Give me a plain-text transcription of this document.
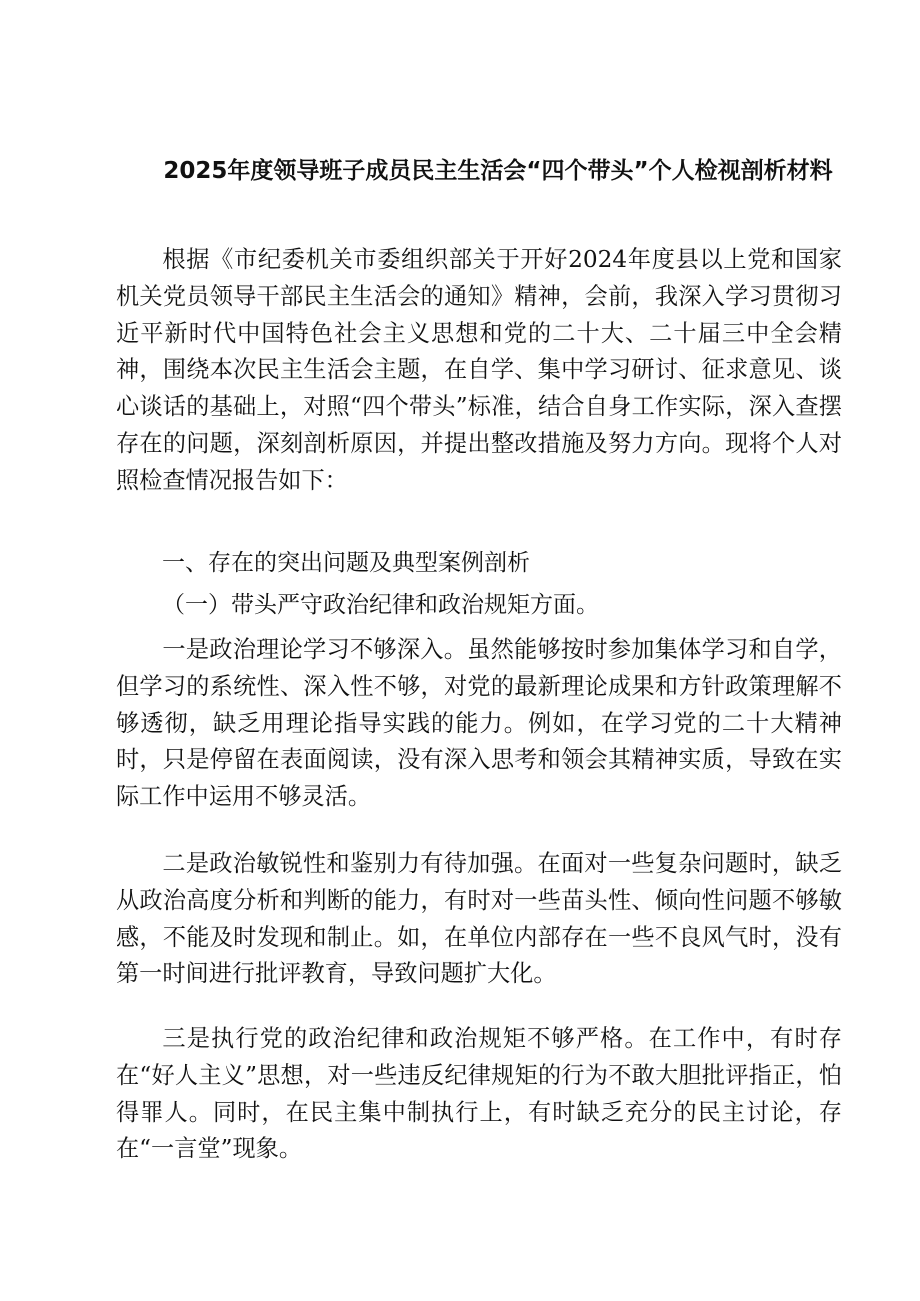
2025年度领导班子成员民主生活会“四个带头”个人检视剖析材料

根据《市纪委机关市委组织部关于开好2024年度县以上党和国家机关党员领导干部民主生活会的通知》精神，会前，我深入学习贯彻习近平新时代中国特色社会主义思想和党的二十大、二十届三中全会精神，围绕本次民主生活会主题，在自学、集中学习研讨、征求意见、谈心谈话的基础上，对照“四个带头”标准，结合自身工作实际，深入查摆存在的问题，深刻剖析原因，并提出整改措施及努力方向。现将个人对照检查情况报告如下：

一、存在的突出问题及典型案例剖析
（一）带头严守政治纪律和政治规矩方面。

一是政治理论学习不够深入。虽然能够按时参加集体学习和自学，但学习的系统性、深入性不够，对党的最新理论成果和方针政策理解不够透彻，缺乏用理论指导实践的能力。例如，在学习党的二十大精神时，只是停留在表面阅读，没有深入思考和领会其精神实质，导致在实际工作中运用不够灵活。

二是政治敏锐性和鉴别力有待加强。在面对一些复杂问题时，缺乏从政治高度分析和判断的能力，有时对一些苗头性、倾向性问题不够敏感，不能及时发现和制止。如，在单位内部存在一些不良风气时，没有第一时间进行批评教育，导致问题扩大化。

三是执行党的政治纪律和政治规矩不够严格。在工作中，有时存在“好人主义”思想，对一些违反纪律规矩的行为不敢大胆批评指正，怕得罪人。同时，在民主集中制执行上，有时缺乏充分的民主讨论，存在“一言堂”现象。
